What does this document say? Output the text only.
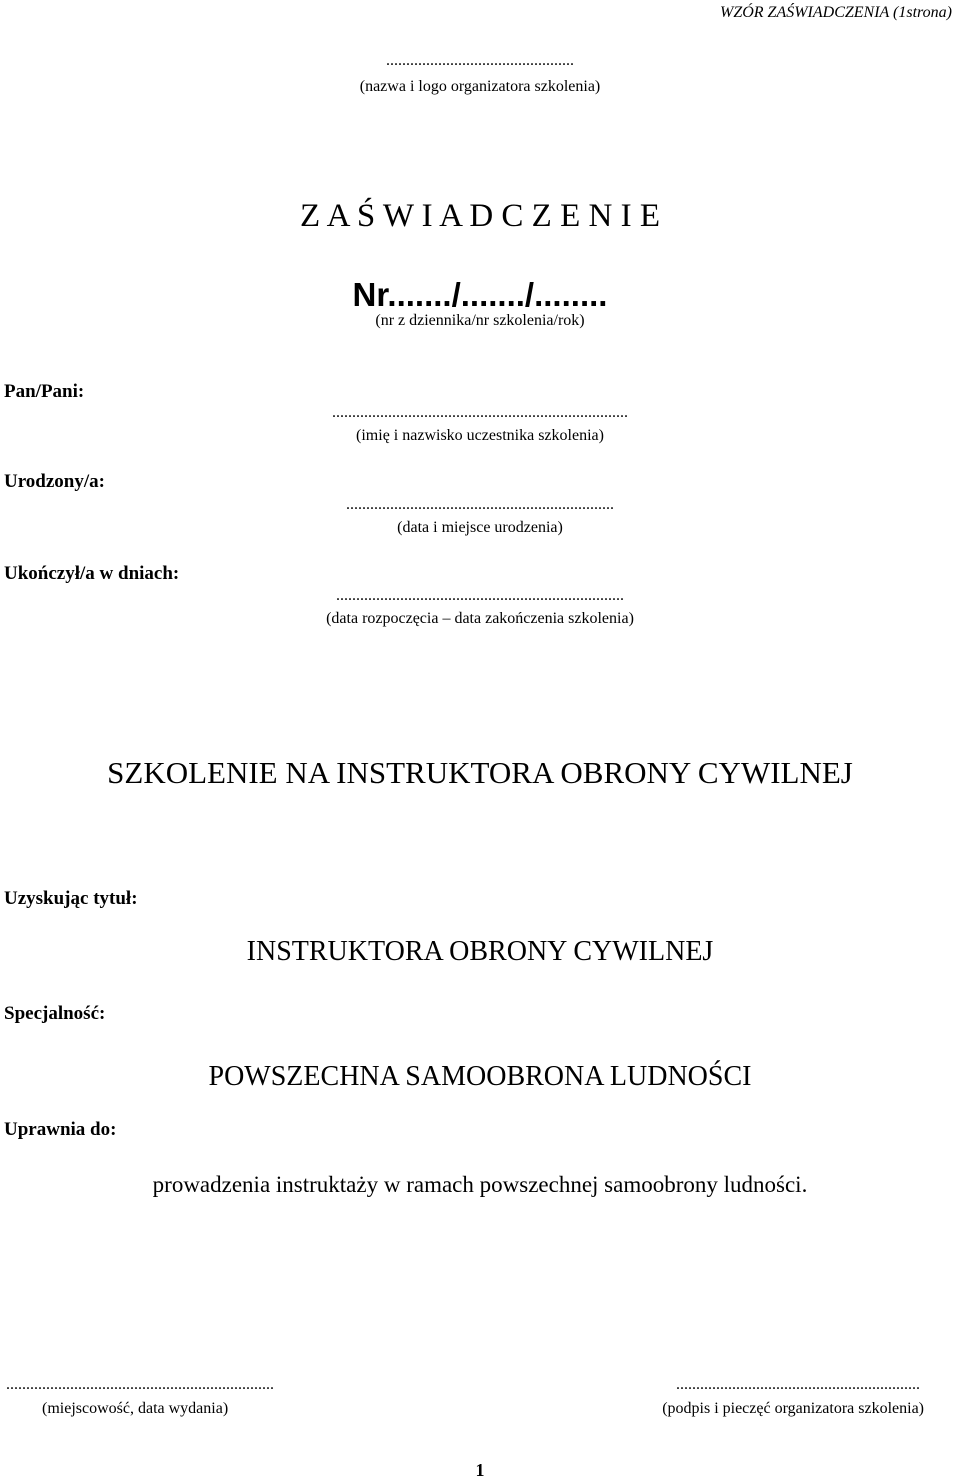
WZÓR ZAŚWIADCZENIA (1strona)
...............................................
(nazwa i logo organizatora szkolenia)
Z A Ś W I A D C Z E N I E
Nr......./......./........
(nr z dziennika/nr szkolenia/rok)
Pan/Pani:
..........................................................................
(imię i nazwisko uczestnika szkolenia)
Urodzony/a:
...................................................................
(data i miejsce urodzenia)
Ukończył/a w dniach:
........................................................................
(data rozpoczęcia – data zakończenia szkolenia)
SZKOLENIE NA INSTRUKTORA OBRONY CYWILNEJ
Uzyskując tytuł:
INSTRUKTORA OBRONY CYWILNEJ
Specjalność:
POWSZECHNA SAMOOBRONA LUDNOŚCI
Uprawnia do:
prowadzenia instruktaży w ramach powszechnej samoobrony ludności.
...................................................................
(miejscowość, data wydania)
.............................................................
(podpis i pieczęć organizatora szkolenia)
1
